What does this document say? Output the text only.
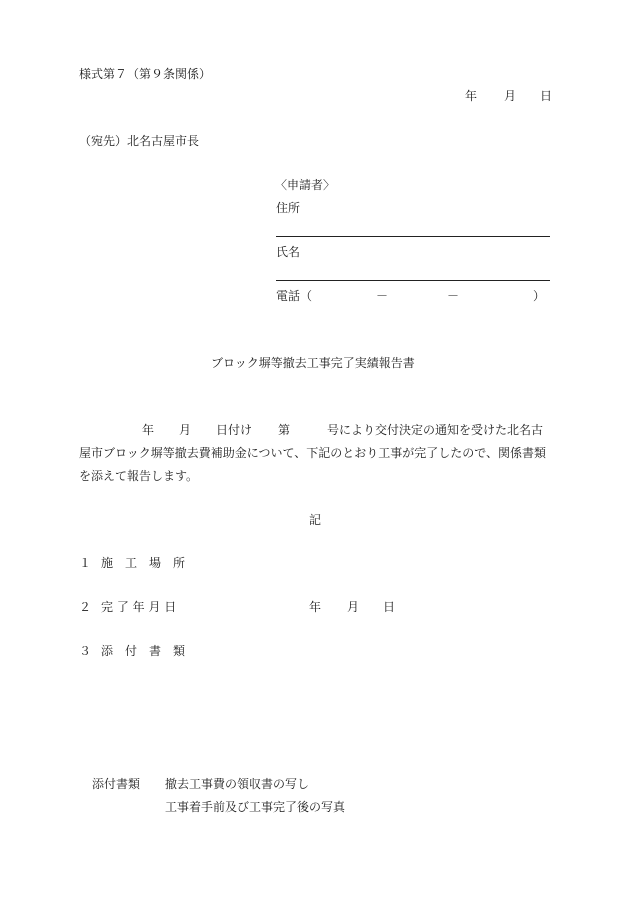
様式第７（第９条関係）
年 月 日
（宛先）北名古屋市長
〈申請者〉
住所
氏名
電話（	－	－	）
ブロック塀等撤去工事完了実績報告書
年 月 日付け 第	号により交付決定の通知を受けた北名古
屋市ブロック塀等撤去費補助金について、下記のとおり工事が完了したので、関係書類
を添えて報告します。
記
１ 施　工　場　所
２ 完 了 年 月 日	年 月 日
３ 添　付　書　類
添付書類 撤去工事費の領収書の写し
工事着手前及び工事完了後の写真
